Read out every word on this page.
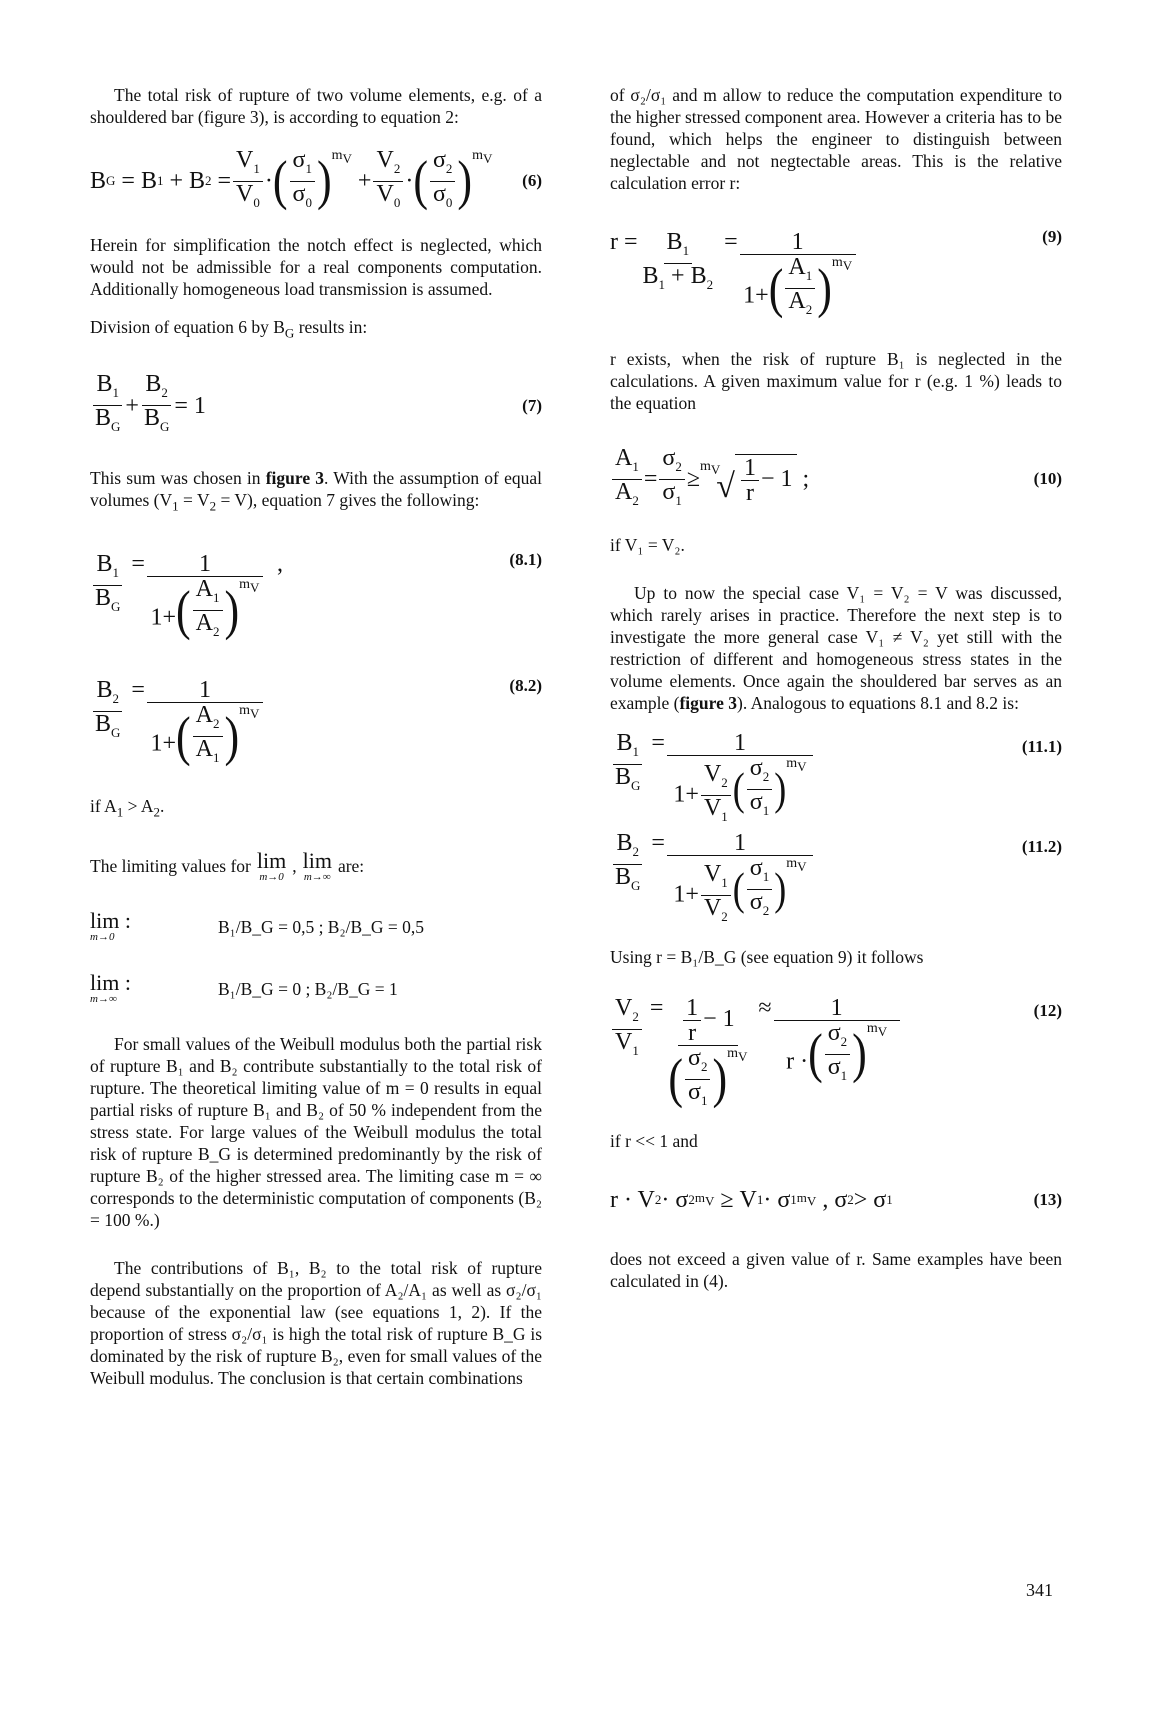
The total risk of rupture of two volume elements, e.g. of a shouldered bar (figure 3), is according to equation 2:

B G = B 1 + B $2 = \frac{V_1}{V_0}$ · ( $\frac{\sigma_1}{\sigma_0}$ ) $m_V$
+ $\frac{V_2}{V_0}$ · ( $\frac{\sigma_2}{\sigma_0}$ ) $m_V$
(6)

Herein for simplification the notch effect is neglected, which would not be admissible for a real components computation. Additionally homogeneous load transmission is assumed.

Division of equation 6 by $B_G$ results in:

$\frac{B_1}{B_G} + \frac{B_2}{B_G} = 1$	(7)

This sum was chosen in figure 3. With the assumption of equal volumes $(V_1 = V_2 = V)$, equation 7 gives the following:

$\frac{B_1}{B_G} = \frac{1}{1+ ( \frac{A_1}{A_2} ) m_V}$ ,	(8.1)
$\frac{B_2}{B_G} = \frac{1}{1+ ( \frac{A_2}{A_1} ) m_V}$	(8.2)

if $A_1 > A_2$.

The limiting values for lim
m→0
, lim
m→∞
are:

lim :
m→0
B₁/B_G = 0,5 ; B₂/B_G = 0,5
lim :
m→∞
B₁/B_G = 0 ; B₂/B_G = 1

For small values of the Weibull modulus both the partial risk of rupture B₁ and B₂ contribute substantially to the total risk of rupture. The theoretical limiting value of m = 0 results in equal partial risks of rupture B₁ and B₂ of 50 % independent from the stress state. For large values of the Weibull modulus the total risk of rupture B_G is determined predominantly by the risk of rupture B₂ of the higher stressed area. The limiting case m = ∞ corresponds to the deterministic computation of components (B₂ = 100 %.)

The contributions of B₁, B₂ to the total risk of rupture depend substantially on the proportion of A₂/A₁ as well as σ₂/σ₁ because of the exponential law (see equations 1, 2). If the proportion of stress σ₂/σ₁ is high the total risk of rupture B_G is dominated by the risk of rupture B₂, even for small values of the Weibull modulus. The conclusion is that certain combinations

of σ₂/σ₁ and m allow to reduce the computation expenditure to the higher stressed component area. However a criteria has to be found, which helps the engineer to distinguish between neglectable and not negtectable areas. This is the relative calculation error r:

$r = \frac{B_1}{B_1 + B_2} = \frac{1}{1+ ( \frac{A_1}{A_2} ) m_V}$	(9)

r exists, when the risk of rupture B₁ is neglected in the calculations. A given maximum value for r (e.g. 1 %) leads to the equation

$\frac{A_1}{A_2} = \frac{\sigma_2}{\sigma_1} \ge m_V$
√ $\frac{1}{r} - 1$ ;	(10)

if V₁ = V₂.

Up to now the special case V₁ = V₂ = V was discussed, which rarely arises in practice. Therefore the next step is to investigate the more general case V₁ ≠ V₂ yet still with the restriction of different and homogeneous stress states in the volume elements. Once again the shouldered bar serves as an example (figure 3). Analogous to equations 8.1 and 8.2 is:

$\frac{B_1}{B_G} = 1$
$1+ \frac{V_2}{V_1}$ ( $\frac{\sigma_2}{\sigma_1}$ )
$m_V$	(11.1)
$\frac{B_2}{B_G} = 1$
$1+ \frac{V_1}{V_2}$ ( $\frac{\sigma_1}{\sigma_2}$ )
$m_V$	(11.2)

Using r = B₁/B_G (see equation 9) it follows

$\frac{V_2}{V_1} = \frac{\frac{1}{r} - 1}{( \frac{\sigma_2}{\sigma_1} ) m_V} \approx \frac{1}{r \cdot ( \frac{\sigma_2}{\sigma_1} ) m_V}$	(12)

if r << 1 and

r · V 2 · σ 2 $m_V \ge V$ 1 · σ 1 $m_V$ , σ 2 > σ 1	(13)

does not exceed a given value of r. Same examples have been calculated in (4).

341
